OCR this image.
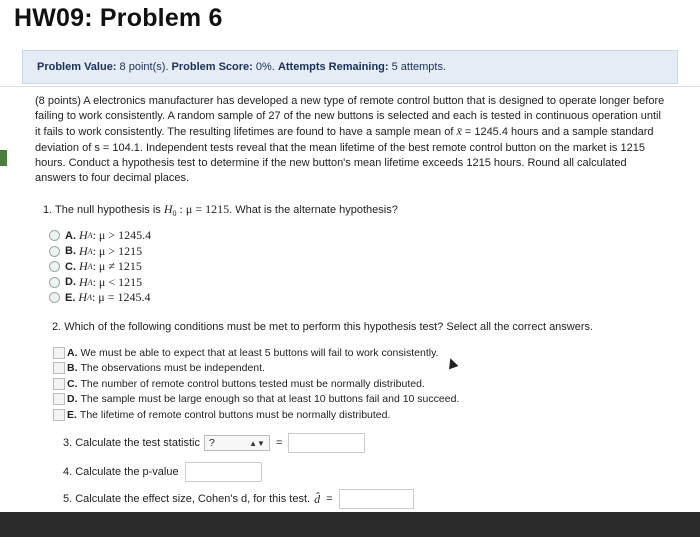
HW09: Problem 6
Problem Value: 8 point(s). Problem Score: 0%. Attempts Remaining: 5 attempts.
(8 points) A electronics manufacturer has developed a new type of remote control button that is designed to operate longer before failing to work consistently. A random sample of 27 of the new buttons is selected and each is tested in continuous operation until it fails to work consistently. The resulting lifetimes are found to have a sample mean of x̄ = 1245.4 hours and a sample standard deviation of s = 104.1. Independent tests reveal that the mean lifetime of the best remote control button on the market is 1215 hours. Conduct a hypothesis test to determine if the new button's mean lifetime exceeds 1215 hours. Round all calculated answers to four decimal places.
1. The null hypothesis is $H_0$ : μ = 1215. What is the alternate hypothesis?
A. H A : μ > 1245.4
B. H A : μ > 1215
C. H A : μ ≠ 1215
D. H A : μ < 1215
E. H A : μ = 1245.4
2. Which of the following conditions must be met to perform this hypothesis test? Select all the correct answers.
A. We must be able to expect that at least 5 buttons will fail to work consistently.
B. The observations must be independent.
C. The number of remote control buttons tested must be normally distributed.
D. The sample must be large enough so that at least 10 buttons fail and 10 succeed.
E. The lifetime of remote control buttons must be normally distributed.
3. Calculate the test statistic ?	▲▼ =
4. Calculate the p-value
5. Calculate the effect size, Cohen's d, for this test. d̂ =
